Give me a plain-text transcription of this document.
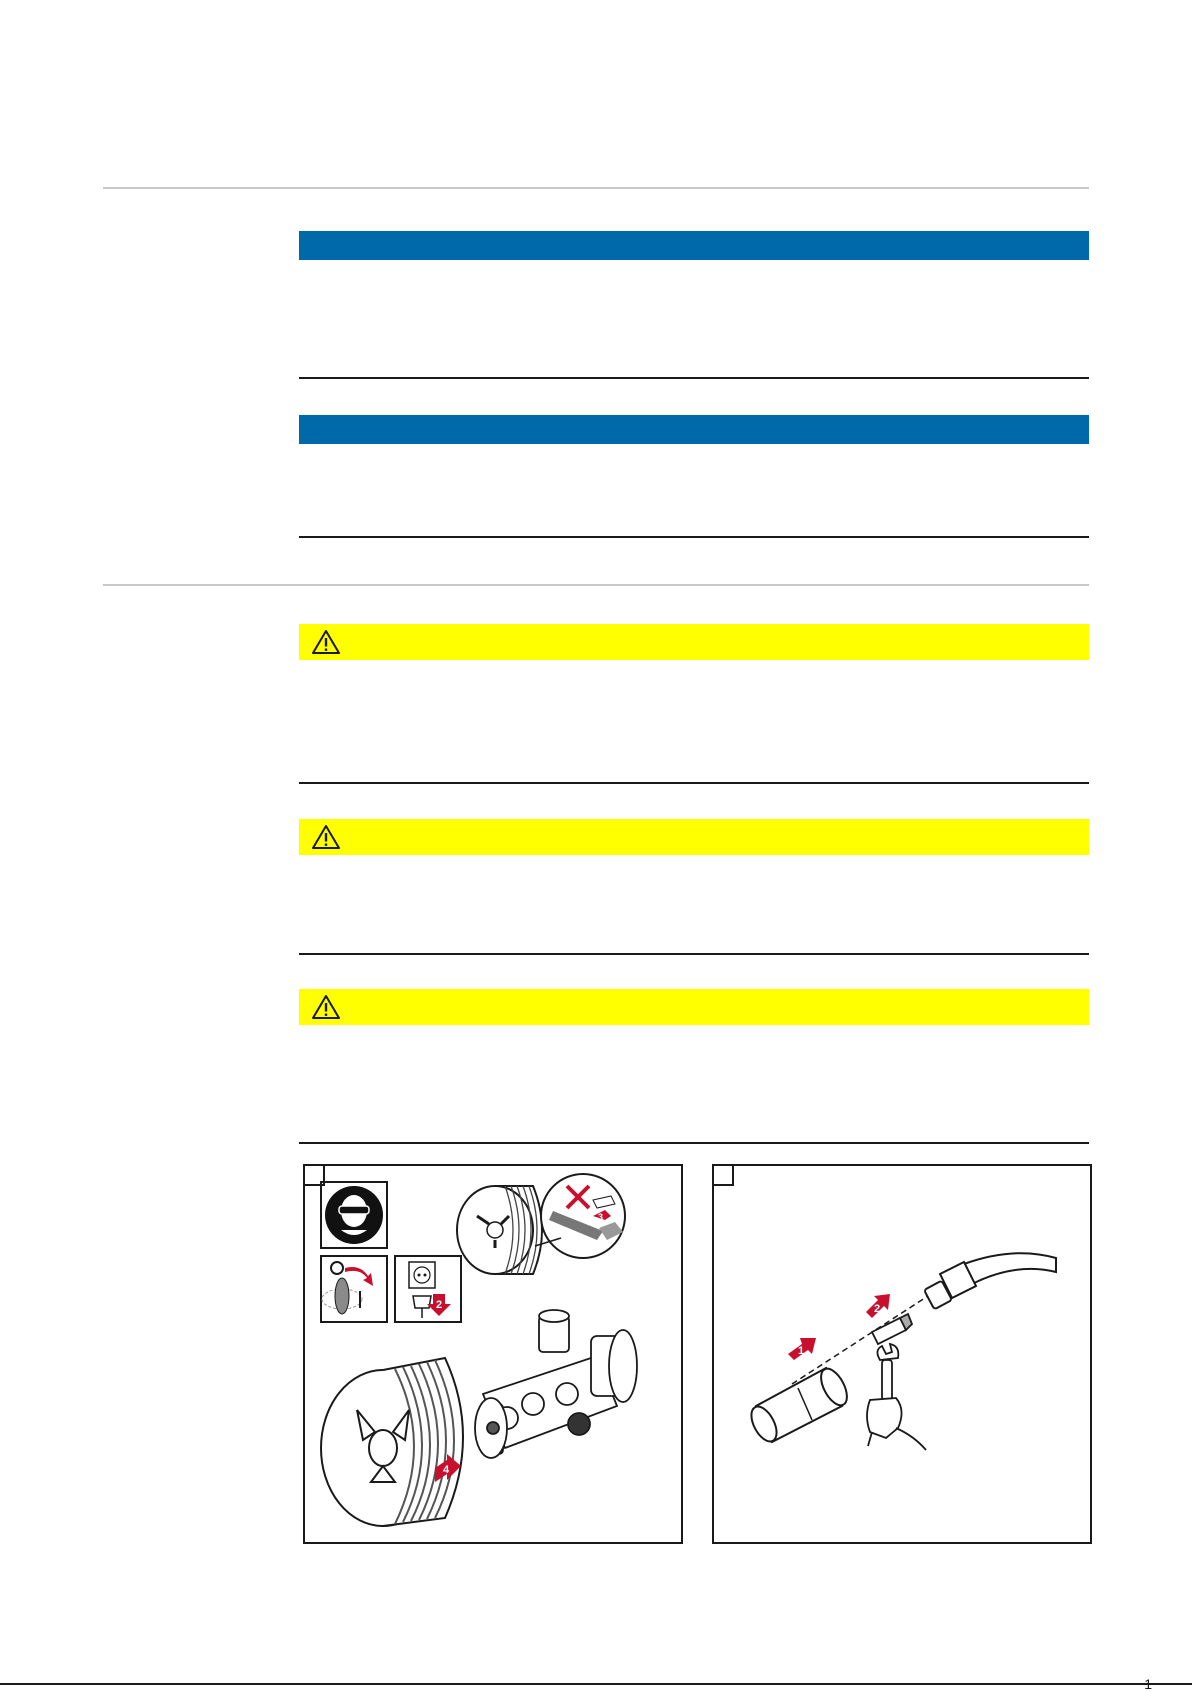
1
2
3
4
2
1
1
